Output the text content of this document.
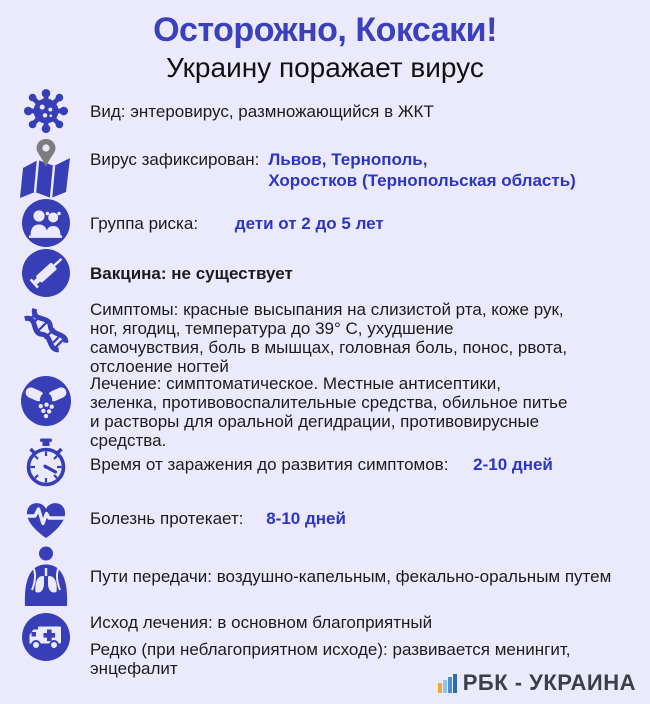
Осторожно, Коксаки!
Украину поражает вирус
Вид: энтеровирус, размножающийся в ЖКТ
Вирус зафиксирован: Львов, Тернополь,
Хоростков (Тернопольская область)
Группа риска: дети от 2 до 5 лет
Вакцина: не существует
Симптомы: красные высыпания на слизистой рта, коже рук, ног, ягодиц, температура до 39° С, ухудшение самочувствия, боль в мышцах, головная боль, понос, рвота, отслоение ногтей
Лечение: симптоматическое. Местные антисептики, зеленка, противовоспалительные средства, обильное питье и растворы для оральной дегидрации, противовирусные средства.
Время от заражения до развития симптомов: 2-10 дней
Болезнь протекает: 8-10 дней
Пути передачи: воздушно-капельным, фекально-оральным путем
Исход лечения: в основном благоприятный
Редко (при неблагоприятном исходе): развивается менингит, энцефалит
РБК - УКРАИНА
